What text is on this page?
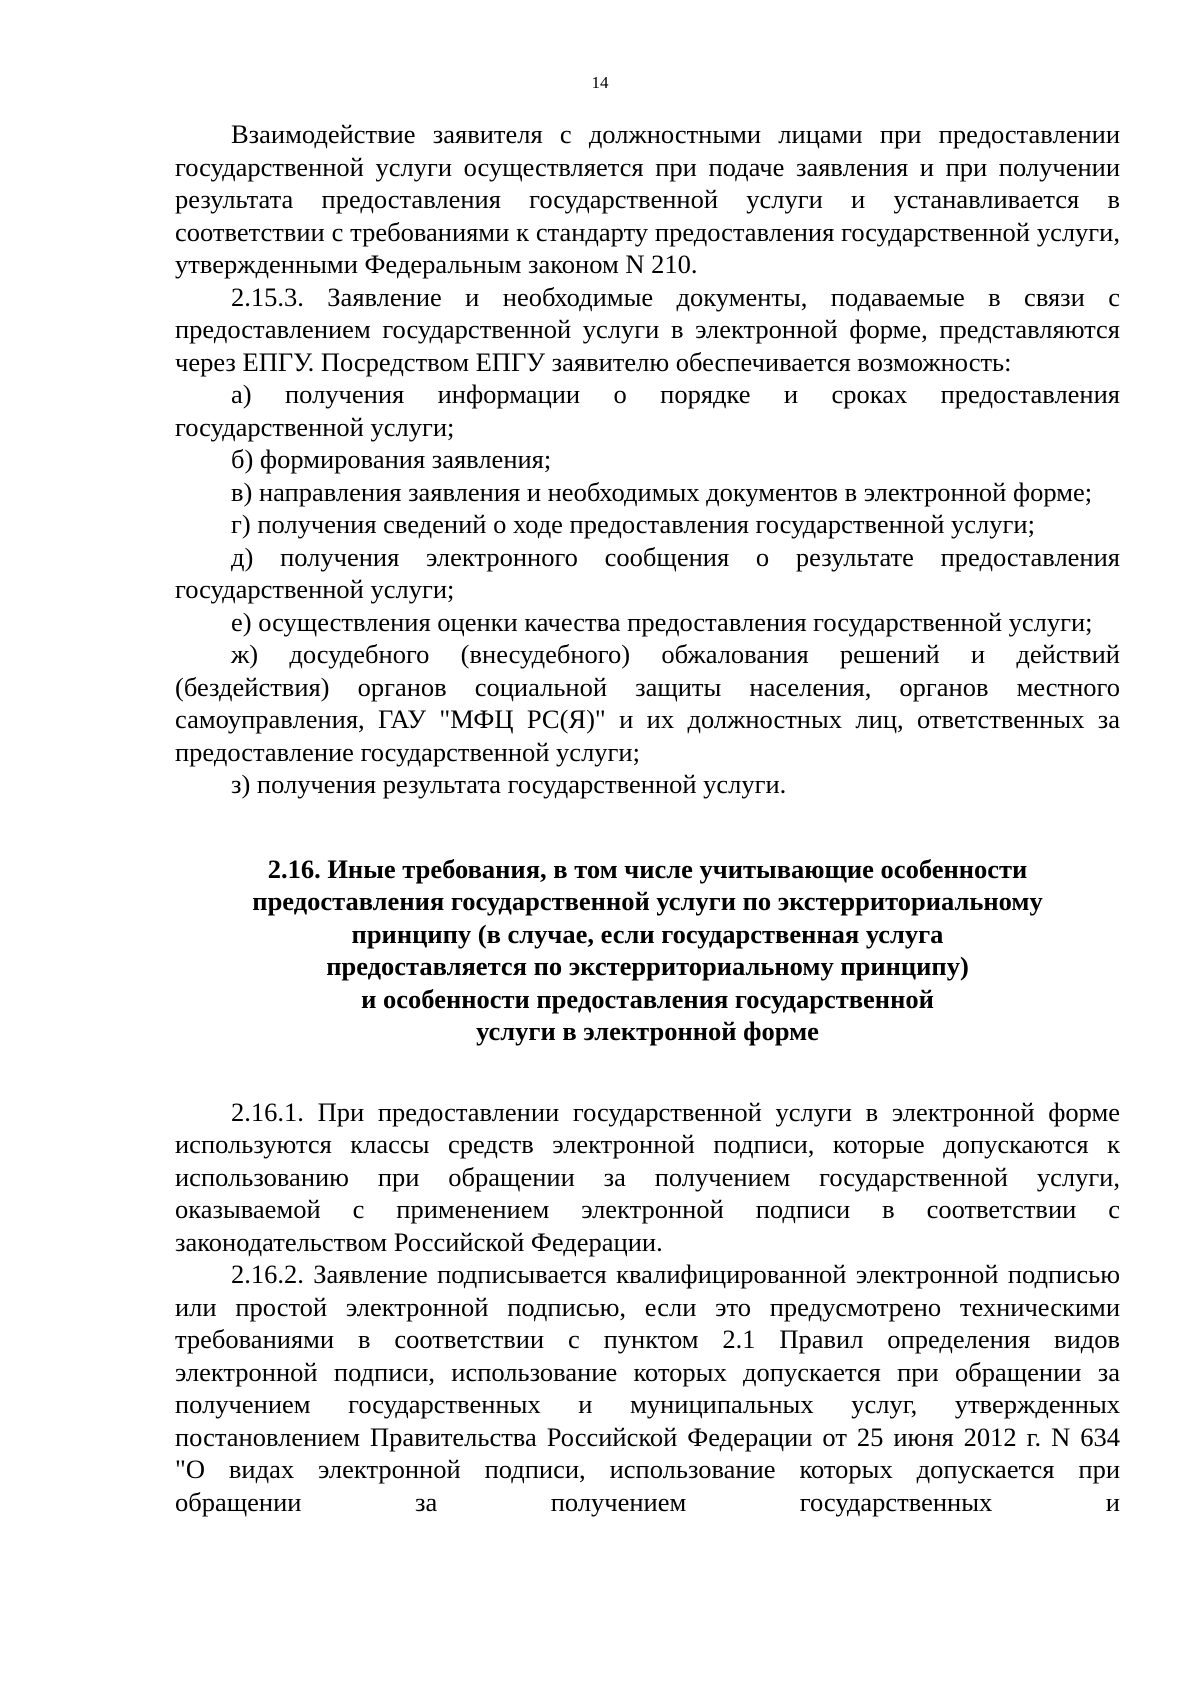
14

Взаимодействие заявителя с должностными лицами при предоставлении государственной услуги осуществляется при подаче заявления и при получении результата предоставления государственной услуги и устанавливается в соответствии с требованиями к стандарту предоставления государственной услуги, утвержденными Федеральным законом N 210.

2.15.3. Заявление и необходимые документы, подаваемые в связи с предоставлением государственной услуги в электронной форме, представляются через ЕПГУ. Посредством ЕПГУ заявителю обеспечивается возможность:

а) получения информации о порядке и сроках предоставления государственной услуги;

б) формирования заявления;

в) направления заявления и необходимых документов в электронной форме;

г) получения сведений о ходе предоставления государственной услуги;

д) получения электронного сообщения о результате предоставления государственной услуги;

е) осуществления оценки качества предоставления государственной услуги;

ж) досудебного (внесудебного) обжалования решений и действий (бездействия) органов социальной защиты населения, органов местного самоуправления, ГАУ "МФЦ РС(Я)" и их должностных лиц, ответственных за предоставление государственной услуги;

з) получения результата государственной услуги.

2.16. Иные требования, в том числе учитывающие особенности
предоставления государственной услуги по экстерриториальному
принципу (в случае, если государственная услуга
предоставляется по экстерриториальному принципу)
и особенности предоставления государственной
услуги в электронной форме

2.16.1. При предоставлении государственной услуги в электронной форме используются классы средств электронной подписи, которые допускаются к использованию при обращении за получением государственной услуги, оказываемой с применением электронной подписи в соответствии с законодательством Российской Федерации.

2.16.2. Заявление подписывается квалифицированной электронной подписью или простой электронной подписью, если это предусмотрено техническими требованиями в соответствии с пунктом 2.1 Правил определения видов электронной подписи, использование которых допускается при обращении за получением государственных и муниципальных услуг, утвержденных постановлением Правительства Российской Федерации от 25 июня 2012 г. N 634 "О видах электронной подписи, использование которых допускается при обращении за получением государственных и
